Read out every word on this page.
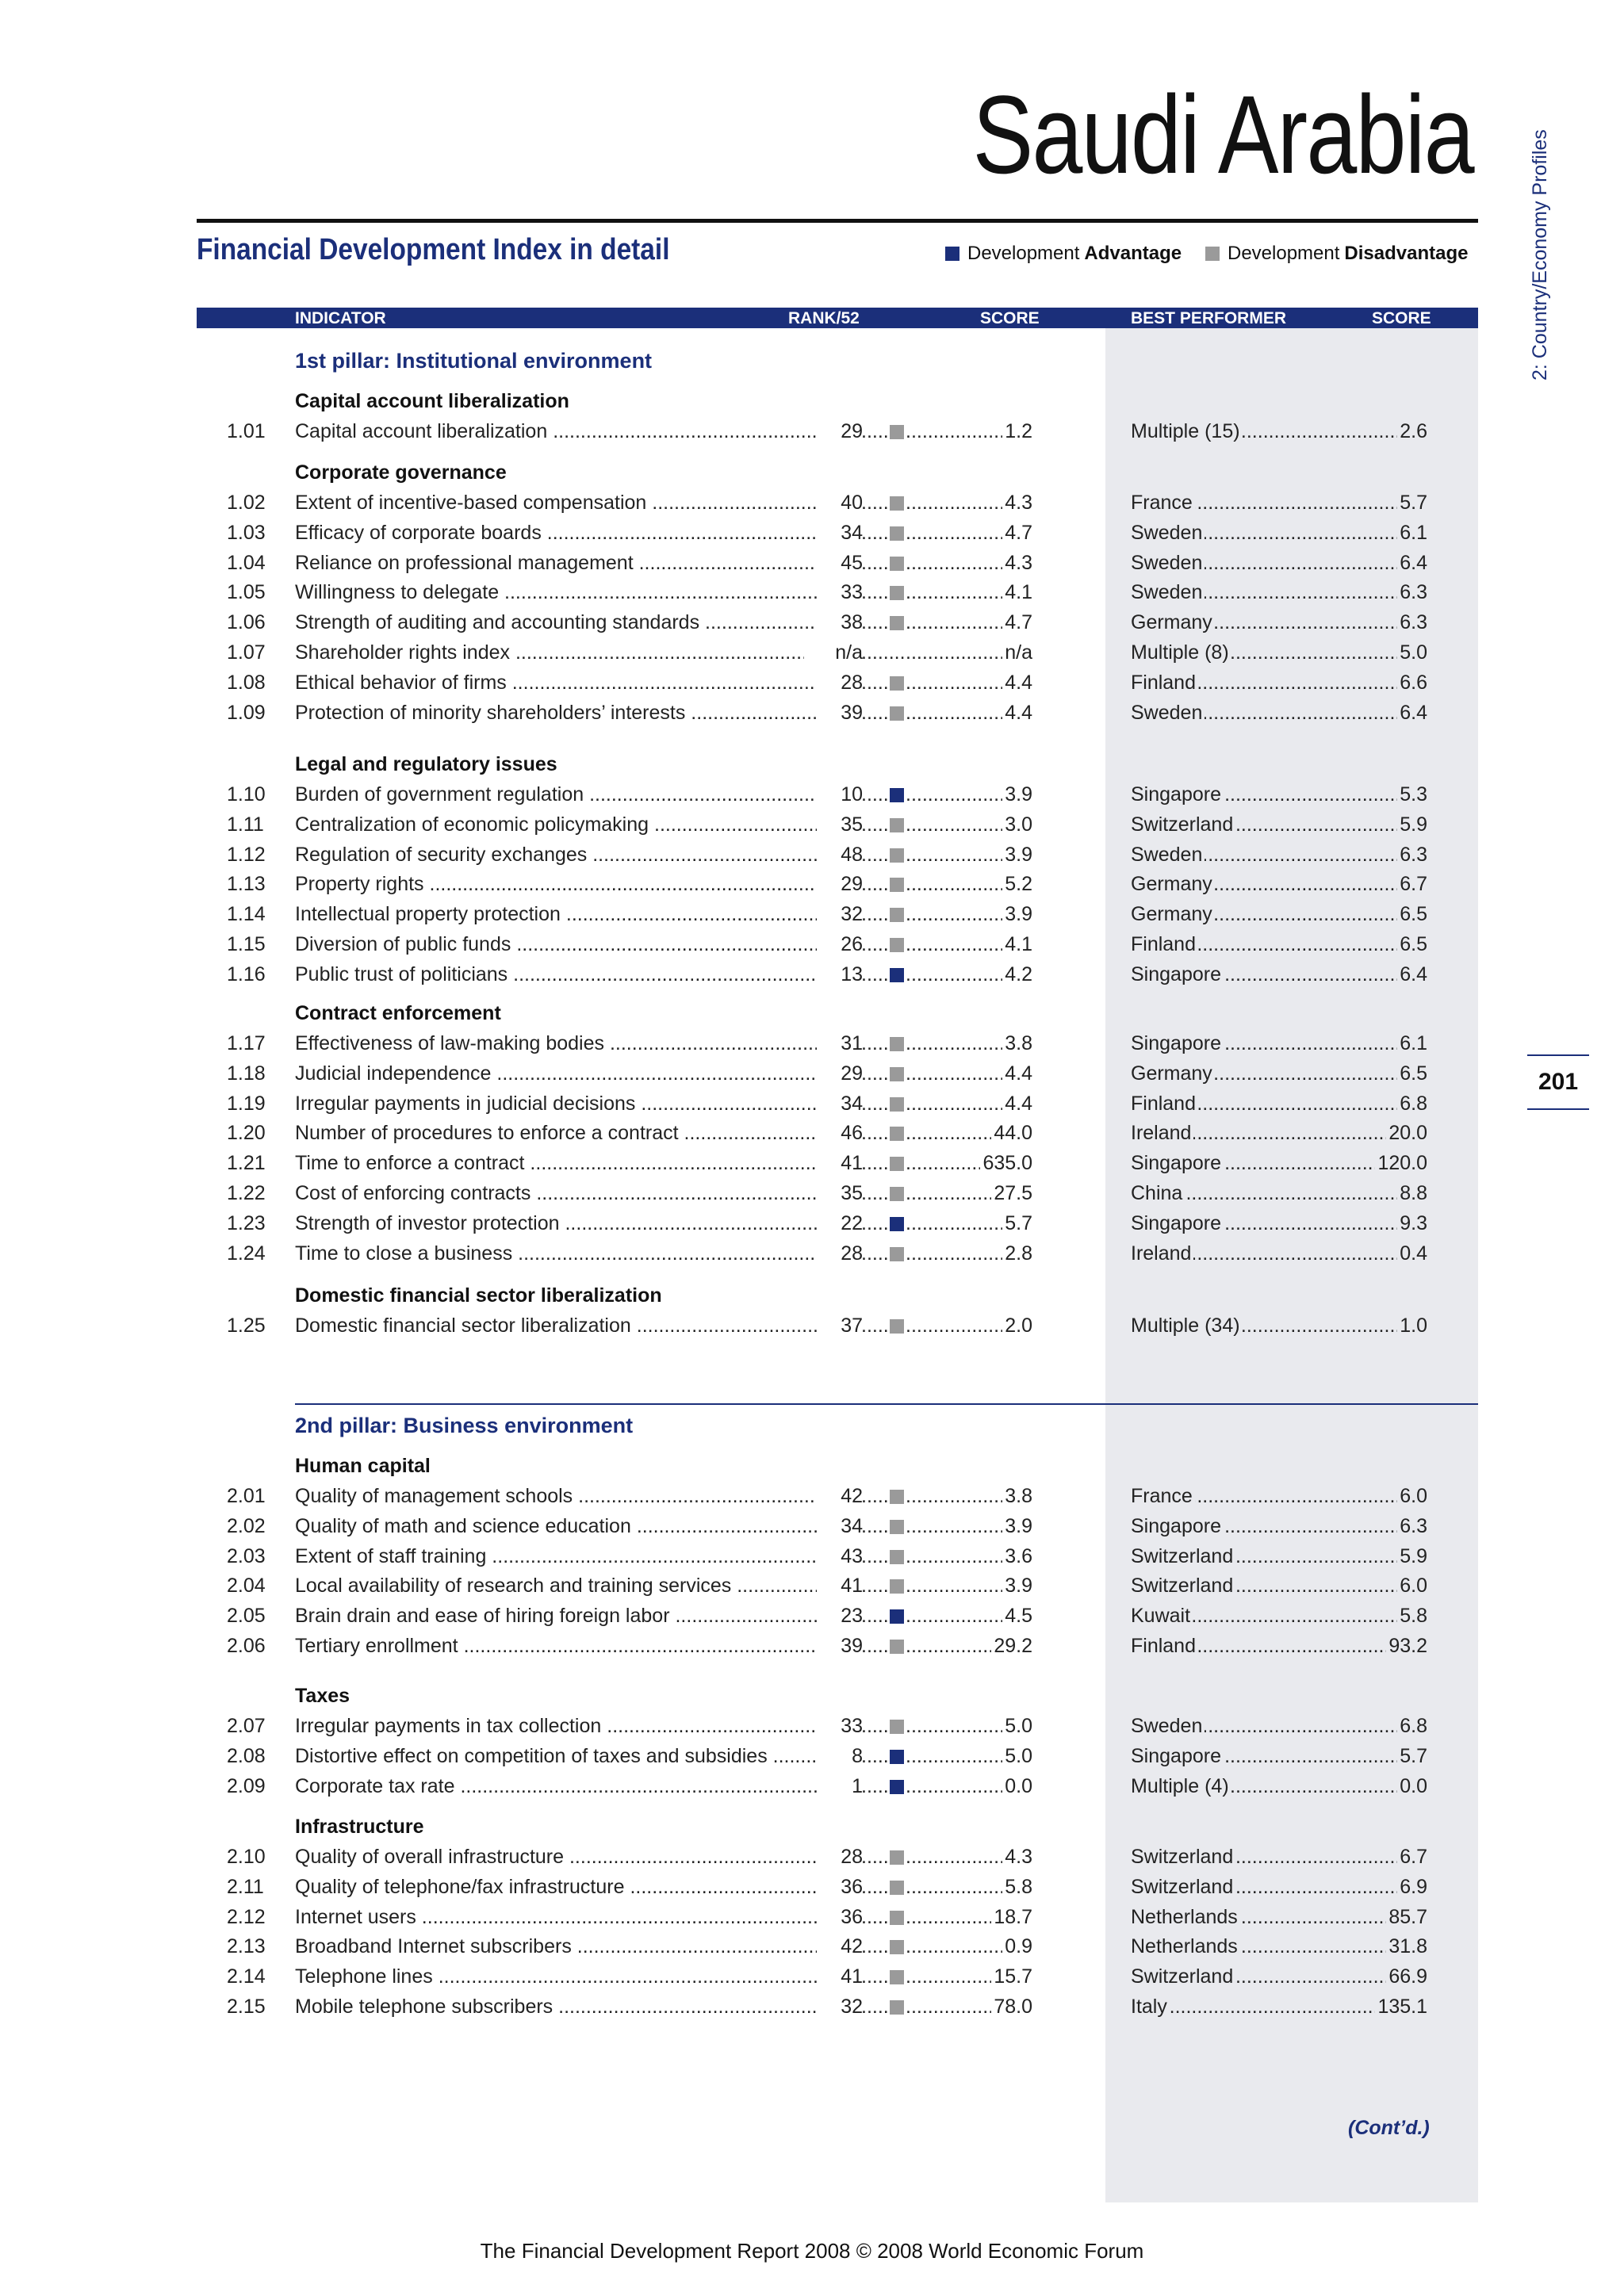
Saudi Arabia
Financial Development Index in detail	Development Advantage Development Disadvantage	2: Country/Economy Profiles
201
INDICATOR	RANK/52	SCORE	BEST PERFORMER	SCORE
1st pillar: Institutional environment
Capital account liberalization
1.01 Capital account liberalization .....	29 .....	..... 1.2	Multiple (15)	2.6
.....
Corporate governance
1.02 Extent of incentive-based compensation .....	40 .....	..... 4.3	France	5.7
.....
1.03 Efficacy of corporate boards .....	34 .....	..... 4.7	Sweden	6.1
.....
1.04 Reliance on professional management .....	45 .....	..... 4.3	Sweden	6.4
.....
1.05 Willingness to delegate .....	33 .....	..... 4.1	Sweden	6.3
.....
1.06 Strength of auditing and accounting standards .....	38 .....	..... 4.7	Germany	6.3
.....
1.07 Shareholder rights index .....	n/a .....	..... n/a	Multiple (8)	5.0
.....
1.08 Ethical behavior of firms .....	28 .....	..... 4.4	Finland	6.6
.....
1.09 Protection of minority shareholders’ interests .....	39 .....	..... 4.4	Sweden	6.4
.....
Legal and regulatory issues
1.10 Burden of government regulation .....	10 .....	..... 3.9	Singapore	5.3
.....
1.11 Centralization of economic policymaking .....	35 .....	..... 3.0	Switzerland	5.9
.....
1.12 Regulation of security exchanges .....	48 .....	..... 3.9	Sweden	6.3
.....
1.13 Property rights .....	29 .....	..... 5.2	Germany	6.7
.....
1.14 Intellectual property protection .....	32 .....	..... 3.9	Germany	6.5
.....
1.15 Diversion of public funds .....	26 .....	..... 4.1	Finland	6.5
.....
1.16 Public trust of politicians .....	13 .....	..... 4.2	Singapore	6.4
.....
Contract enforcement
1.17 Effectiveness of law-making bodies .....	31 .....	..... 3.8	Singapore	6.1
.....
1.18 Judicial independence .....	29 .....	..... 4.4	Germany	6.5
.....
1.19 Irregular payments in judicial decisions .....	34 .....	..... 4.4	Finland	6.8
.....
1.20 Number of procedures to enforce a contract .....	46 .....	..... 44.0	Ireland	20.0
.....
1.21 Time to enforce a contract .....	41 .....	..... 635.0	Singapore	120.0
.....
1.22 Cost of enforcing contracts .....	35 .....	..... 27.5	China	8.8
.....
1.23 Strength of investor protection .....	22 .....	..... 5.7	Singapore	9.3
.....
1.24 Time to close a business .....	28 .....	..... 2.8	Ireland	0.4
.....
Domestic financial sector liberalization
1.25 Domestic financial sector liberalization .....	37 .....	..... 2.0	Multiple (34)	1.0
.....
2nd pillar: Business environment
Human capital
2.01 Quality of management schools .....	42 .....	..... 3.8	France	6.0
.....
2.02 Quality of math and science education .....	34 .....	..... 3.9	Singapore	6.3
.....
2.03 Extent of staff training .....	43 .....	..... 3.6	Switzerland	5.9
.....
2.04 Local availability of research and training services .....	41 .....	..... 3.9	Switzerland	6.0
.....
2.05 Brain drain and ease of hiring foreign labor .....	23 .....	..... 4.5	Kuwait	5.8
.....
2.06 Tertiary enrollment .....	39 .....	..... 29.2	Finland	93.2
.....
Taxes
2.07 Irregular payments in tax collection .....	33 .....	..... 5.0	Sweden	6.8
.....
2.08 Distortive effect on competition of taxes and subsidies .....	8 .....	..... 5.0	Singapore	5.7
.....
2.09 Corporate tax rate .....	1 .....	..... 0.0	Multiple (4)	0.0
.....
Infrastructure
2.10 Quality of overall infrastructure .....	28 .....	..... 4.3	Switzerland	6.7
.....
2.11 Quality of telephone/fax infrastructure .....	36 .....	..... 5.8	Switzerland	6.9
.....
2.12 Internet users .....	36 .....	..... 18.7	Netherlands	85.7
.....
2.13 Broadband Internet subscribers .....	42 .....	..... 0.9	Netherlands	31.8
.....
2.14 Telephone lines .....	41 .....	..... 15.7	Switzerland	66.9
.....
2.15 Mobile telephone subscribers .....	32 .....	..... 78.0	Italy	135.1
.....
(Cont’d.)
The Financial Development Report 2008 © 2008 World Economic Forum
